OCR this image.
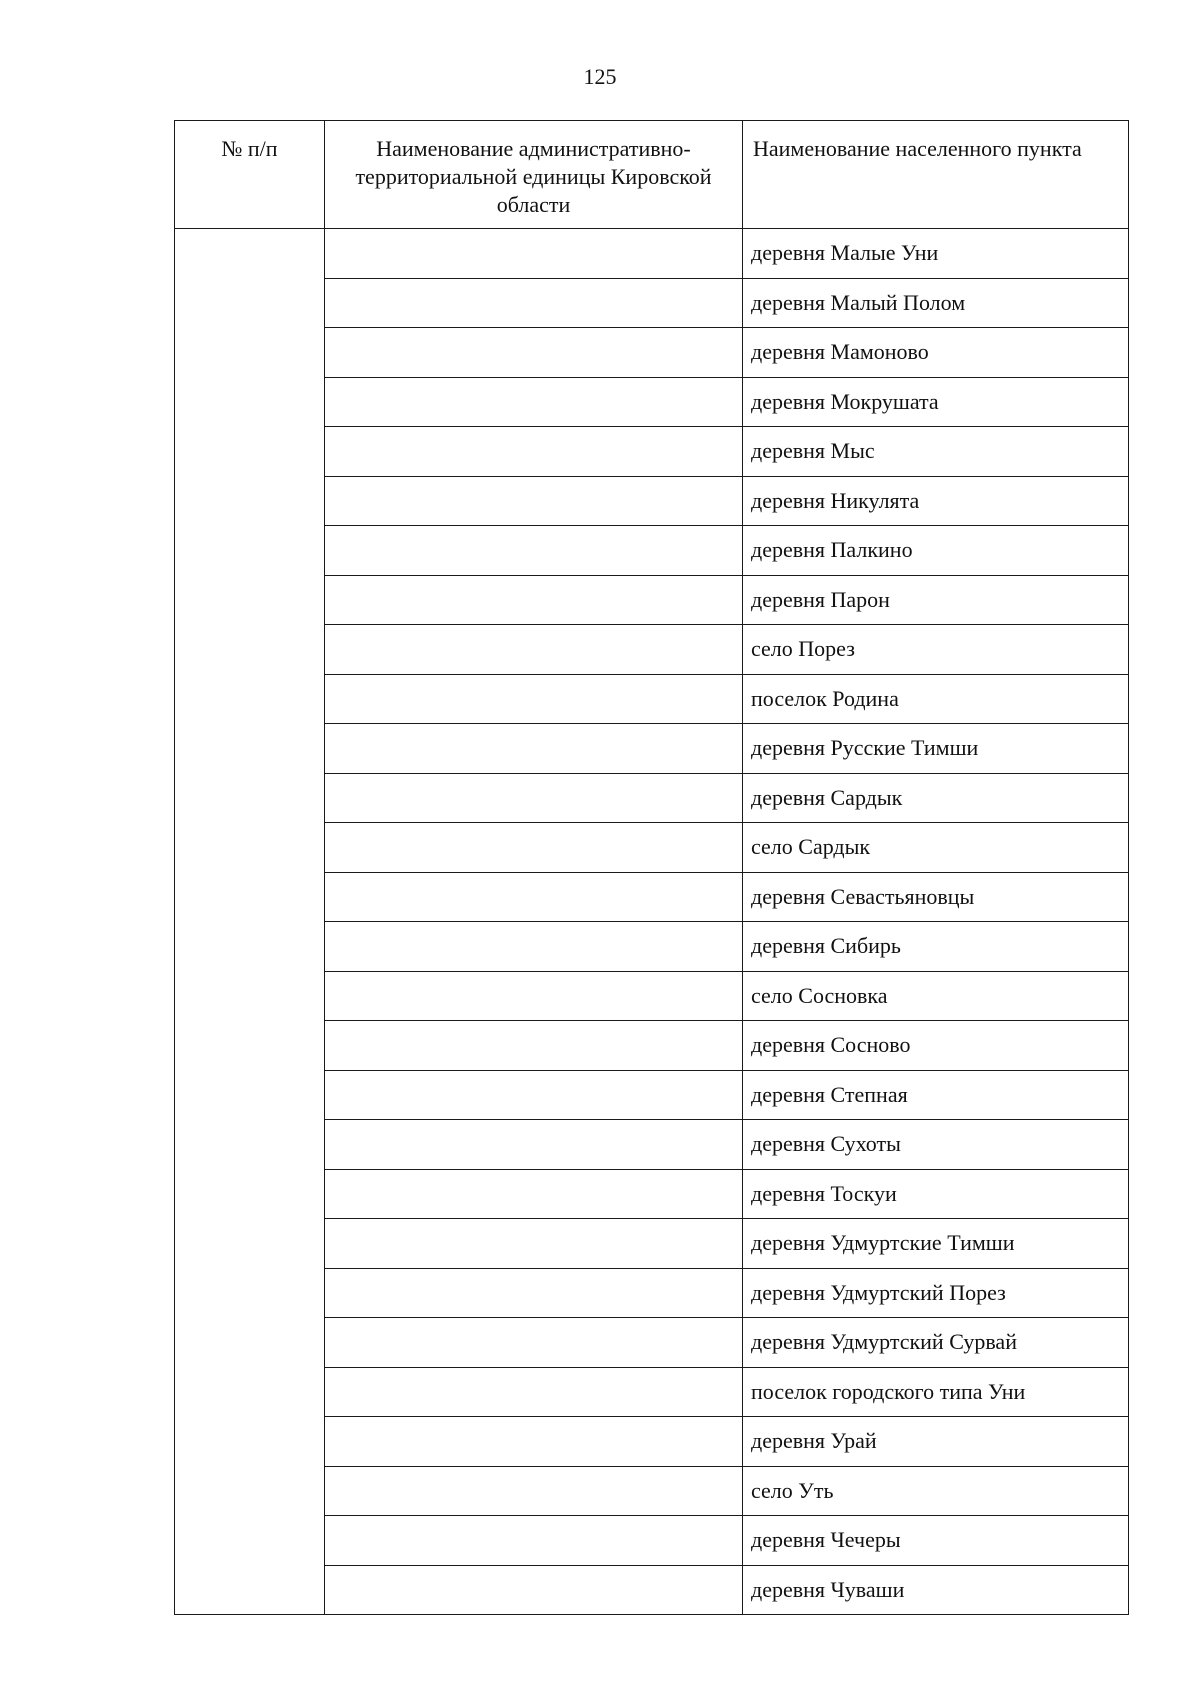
125
№ п/п	Наименование административно-территориальной единицы Кировской области	Наименование населенного пункта
		деревня Малые Уни
		деревня Малый Полом
		деревня Мамоново
		деревня Мокрушата
		деревня Мыс
		деревня Никулята
		деревня Палкино
		деревня Парон
		село Порез
		поселок Родина
		деревня Русские Тимши
		деревня Сардык
		село Сардык
		деревня Севастьяновцы
		деревня Сибирь
		село Сосновка
		деревня Сосново
		деревня Степная
		деревня Сухоты
		деревня Тоскуи
		деревня Удмуртские Тимши
		деревня Удмуртский Порез
		деревня Удмуртский Сурвай
		поселок городского типа Уни
		деревня Урай
		село Уть
		деревня Чечеры
		деревня Чуваши
